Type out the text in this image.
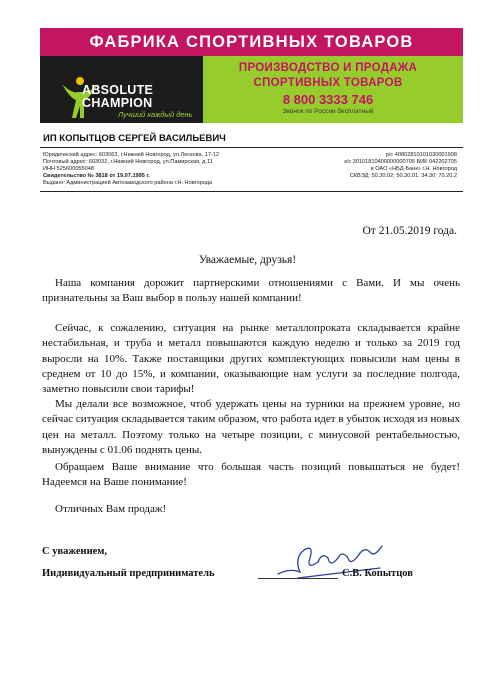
ФАБРИКА СПОРТИВНЫХ ТОВАРОВ
ABSOLUTE
CHAMPION
Лучший каждый день
ПРОИЗВОДСТВО И ПРОДАЖА
СПОРТИВНЫХ ТОВАРОВ
8 800 3333 746
Звонок по России бесплатный
ИП КОПЫТЦОВ СЕРГЕЙ ВАСИЛЬЕВИЧ
Юридический адрес: 603063, г.Нижний Новгород, ул.Лескова, 17-12
Почтовый адрес: 603032, г.Нижний Новгород, ул.Памирская, д.11
ИНН 525600055048
Свидетельство № 3818 от 19.07.1995 г.
Выдано: Администрацией Автозаводского района г.Н. Новгорода
р/с 40802810101030001908
к/с 30101810400000000705 БИК 042202705
в ОАО «НБД-Банк» г.Н. Новгород
СКВЭД: 50.30.02; 50.30.01; 34.30; 70.20.2
От 21.05.2019 года.
Уважаемые, друзья!
Наша компания дорожит партнерскими отношениями с Вами. И мы очень признательны за Ваш выбор в пользу нашей компании!
Сейчас, к сожалению, ситуация на рынке металлопроката складывается крайне нестабильная, и труба и металл повышаются каждую неделю и только за 2019 год выросли на 10%. Также поставщики других комплектующих повысили нам цены в среднем от 10 до 15%, и компании, оказывающие нам услуги за последние полгода, заметно повысили свои тарифы!
Мы делали все возможное, чтоб удержать цены на турники на прежнем уровне, но сейчас ситуация складывается таким образом, что работа идет в убыток исходя из новых цен на металл. Поэтому только на четыре позиции, с минусовой рентабельностью, вынуждены с 01.06 поднять цены.
Обращаем Ваше внимание что большая часть позиций повышаться не будет! Надеемся на Ваше понимание!
Отличных Вам продаж!
С уважением,
Индивидуальный предприниматель	С.В. Копытцов
